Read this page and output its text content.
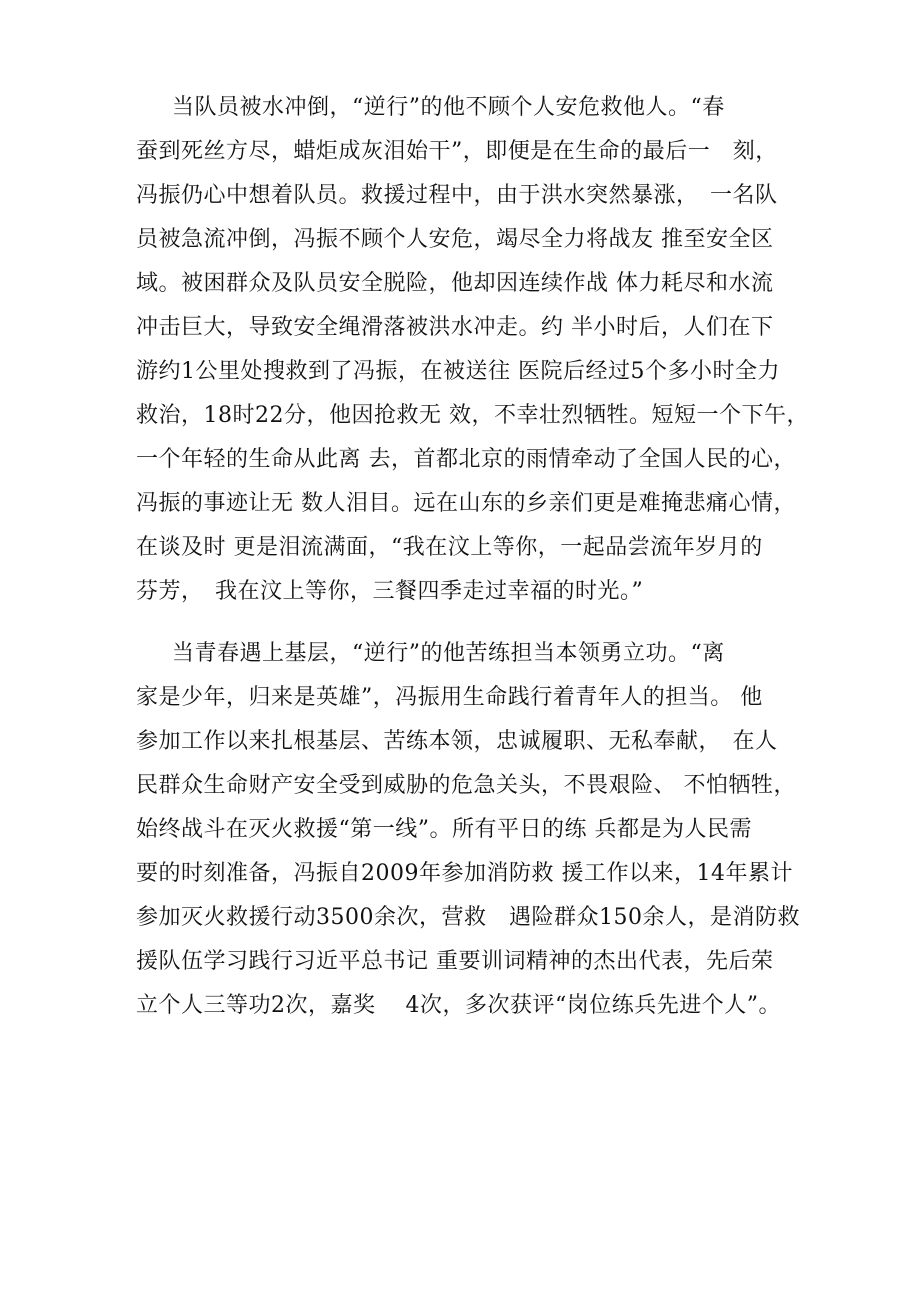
当队员被水冲倒，“逆行”的他不顾个人安危救他人。“春
蚕到死丝方尽，蜡炬成灰泪始干”，即便是在生命的最后一　刻，
冯振仍心中想着队员。救援过程中，由于洪水突然暴涨，　一名队
员被急流冲倒，冯振不顾个人安危，竭尽全力将战友 推至安全区
域。被困群众及队员安全脱险，他却因连续作战 体力耗尽和水流
冲击巨大，导致安全绳滑落被洪水冲走。约 半小时后，人们在下
游约1公里处搜救到了冯振，在被送往 医院后经过5个多小时全力
救治，18时22分，他因抢救无 效，不幸壮烈牺牲。短短一个下午，
一个年轻的生命从此离 去，首都北京的雨情牵动了全国人民的心，
冯振的事迹让无 数人泪目。远在山东的乡亲们更是难掩悲痛心情，
在谈及时 更是泪流满面，“我在汶上等你，一起品尝流年岁月的
芬芳，　我在汶上等你，三餐四季走过幸福的时光。”
当青春遇上基层，“逆行”的他苦练担当本领勇立功。“离
家是少年，归来是英雄”，冯振用生命践行着青年人的担当。 他
参加工作以来扎根基层、苦练本领，忠诚履职、无私奉献，　在人
民群众生命财产安全受到威胁的危急关头，不畏艰险、 不怕牺牲，
始终战斗在灭火救援“第一线”。所有平日的练 兵都是为人民需
要的时刻准备，冯振自2009年参加消防救 援工作以来，14年累计
参加灭火救援行动3500余次，营救　遇险群众150余人，是消防救
援队伍学习践行习近平总书记 重要训词精神的杰出代表，先后荣
立个人三等功2次，嘉奖　 4次，多次获评“岗位练兵先进个人”。
